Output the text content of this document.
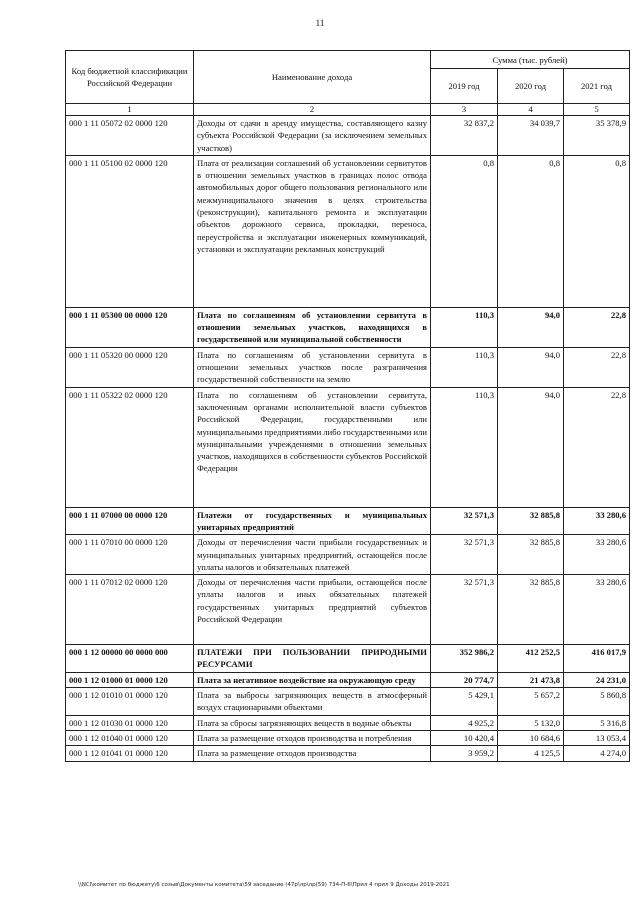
11
Код бюджетной классификации Российской Федерации	Наименование дохода	Сумма (тыс. рублей)		
		2019 год	2020 год	2021 год
1	2	3	4	5
000 1 11 05072 02 0000 120	Доходы от сдачи в аренду имущества, составляющего казну субъекта Российской Федерации (за исключением земельных участков)	32 837,2	34 039,7	35 378,9
000 1 11 05100 02 0000 120	Плата от реализации соглашений об установлении сервитутов в отношении земельных участков в границах полос отвода автомобильных дорог общего пользования регионального или межмуниципального значения в целях строительства (реконструкции), капитального ремонта и эксплуатации объектов дорожного сервиса, прокладки, переноса, переустройства и эксплуатации инженерных коммуникаций, установки и эксплуатации рекламных конструкций	0,8	0,8	0,8
000 1 11 05300 00 0000 120	Плата по соглашениям об установлении сервитута в отношении земельных участков, находящихся в государственной или муниципальной собственности	110,3	94,0	22,8
000 1 11 05320 00 0000 120	Плата по соглашениям об установлении сервитута в отношении земельных участков после разграничения государственной собственности на землю	110,3	94,0	22,8
000 1 11 05322 02 0000 120	Плата по соглашениям об установлении сервитута, заключенным органами исполнительной власти субъектов Российской Федерации, государственными или муниципальными предприятиями либо государственными или муниципальными учреждениями в отношении земельных участков, находящихся в собственности субъектов Российской Федерации	110,3	94,0	22,8
000 1 11 07000 00 0000 120	Платежи от государственных и муниципальных унитарных предприятий	32 571,3	32 885,8	33 280,6
000 1 11 07010 00 0000 120	Доходы от перечисления части прибыли государственных и муниципальных унитарных предприятий, остающейся после уплаты налогов и обязательных платежей	32 571,3	32 885,8	33 280,6
000 1 11 07012 02 0000 120	Доходы от перечисления части прибыли, остающейся после уплаты налогов и иных обязательных платежей государственных унитарных предприятий субъектов Российской Федерации	32 571,3	32 885,8	33 280,6
000 1 12 00000 00 0000 000	ПЛАТЕЖИ ПРИ ПОЛЬЗОВАНИИ ПРИРОДНЫМИ РЕСУРСАМИ	352 986,2	412 252,5	416 017,9
000 1 12 01000 01 0000 120	Плата за негативное воздействие на окружающую среду	20 774,7	21 473,8	24 231,0
000 1 12 01010 01 0000 120	Плата за выбросы загрязняющих веществ в атмосферный воздух стационарными объектами	5 429,1	5 657,2	5 860,8
000 1 12 01030 01 0000 120	Плата за сбросы загрязняющих веществ в водные объекты	4 925,2	5 132,0	5 316,8
000 1 12 01040 01 0000 120	Плата за размещение отходов производства и потребления	10 420,4	10 684,6	13 053,4
000 1 12 01041 01 0000 120	Плата за размещение отходов производства	3 959,2	4 125,5	4 274,0
\\NCI\комитет по бюджету\6 созыв\Документы комитета\59 заседание (47р\лр\лр(59) 734-П-6\Прил 4 прил 9 Доходы 2019-2021
